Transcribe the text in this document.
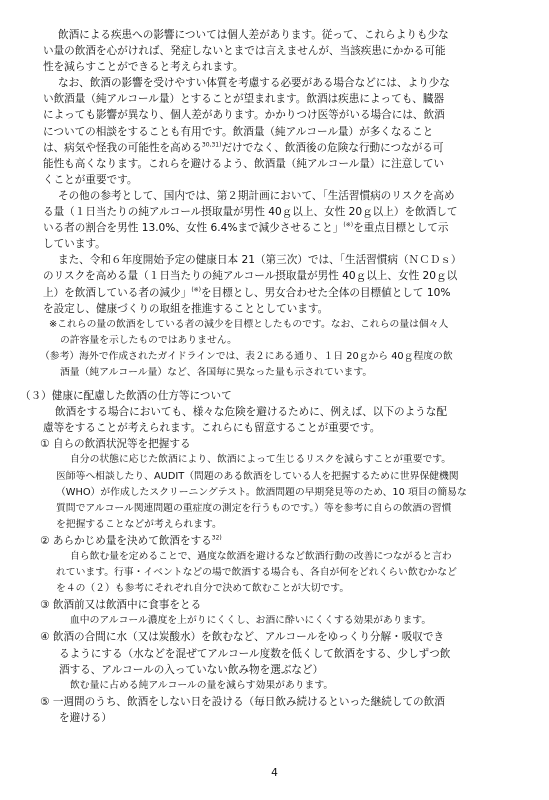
飲酒による疾患への影響については個人差があります。従って、これらよりも少な
い量の飲酒を心がければ、発症しないとまでは言えませんが、当該疾患にかかる可能
性を減らすことができると考えられます。
なお、飲酒の影響を受けやすい体質を考慮する必要がある場合などには、より少な
い飲酒量（純アルコール量）とすることが望まれます。飲酒は疾患によっても、臓器
によっても影響が異なり、個人差があります。かかりつけ医等がいる場合には、飲酒
についての相談をすることも有用です。飲酒量（純アルコール量）が多くなること
は、病気や怪我の可能性を高める$^{30,31)}$だけでなく、飲酒後の危険な行動につながる可
能性も高くなります。これらを避けるよう、飲酒量（純アルコール量）に注意してい
くことが重要です。
その他の参考として、国内では、第２期計画において、「生活習慣病のリスクを高め
る量（１日当たりの純アルコール摂取量が男性 40ｇ以上、女性 20ｇ以上）を飲酒して
いる者の割合を男性 13.0%、女性 6.4%まで減少させること」(※)を重点目標として示
しています。
また、令和６年度開始予定の健康日本 21（第三次）では、「生活習慣病（ＮＣＤｓ）
のリスクを高める量（１日当たりの純アルコール摂取量が男性 40ｇ以上、女性 20ｇ以
上）を飲酒している者の減少」(※)を目標とし、男女合わせた全体の目標値として 10%
を設定し、健康づくりの取組を推進することとしています。
※これらの量の飲酒をしている者の減少を目標としたものです。なお、これらの量は個々人
の許容量を示したものではありません。
（参考）海外で作成されたガイドラインでは、表２にある通り、１日 20ｇから 40ｇ程度の飲
酒量（純アルコール量）など、各国毎に異なった量も示されています。
（３）健康に配慮した飲酒の仕方等について
飲酒をする場合においても、様々な危険を避けるために、例えば、以下のような配
慮等をすることが考えられます。これらにも留意することが重要です。
① 自らの飲酒状況等を把握する
自分の状態に応じた飲酒により、飲酒によって生じるリスクを減らすことが重要です。
医師等へ相談したり、AUDIT（問題のある飲酒をしている人を把握するために世界保健機関
（WHO）が作成したスクリーニングテスト。飲酒問題の早期発見等のため、10 項目の簡易な
質問でアルコール関連問題の重症度の測定を行うものです。）等を参考に自らの飲酒の習慣
を把握することなどが考えられます。
② あらかじめ量を決めて飲酒をする$^{32)}$
自ら飲む量を定めることで、過度な飲酒を避けるなど飲酒行動の改善につながると言わ
れています。行事・イベントなどの場で飲酒する場合も、各自が何をどれくらい飲むかなど
を４の（２）も参考にそれぞれ自分で決めて飲むことが大切です。
③ 飲酒前又は飲酒中に食事をとる
血中のアルコール濃度を上がりにくくし、お酒に酔いにくくする効果があります。
④ 飲酒の合間に水（又は炭酸水）を飲むなど、アルコールをゆっくり分解・吸収でき
るようにする（水などを混ぜてアルコール度数を低くして飲酒をする、少しずつ飲
酒する、アルコールの入っていない飲み物を選ぶなど）
飲む量に占める純アルコールの量を減らす効果があります。
⑤ 一週間のうち、飲酒をしない日を設ける（毎日飲み続けるといった継続しての飲酒
を避ける）
4
